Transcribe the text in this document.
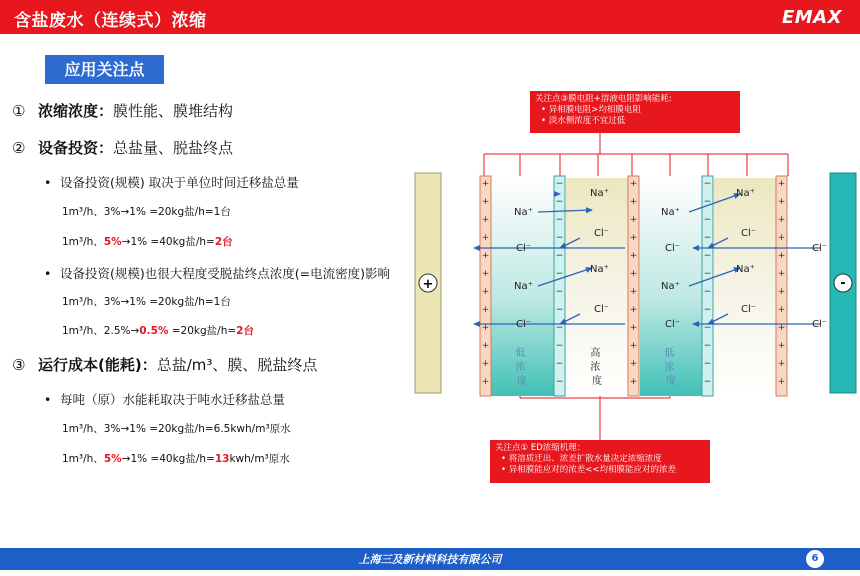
含盐废水（连续式）浓缩	EMAX
应用关注点
① 浓缩浓度：膜性能、膜堆结构
② 设备投资：总盐量、脱盐终点
• 设备投资(规模) 取决于单位时间迁移盐总量
1m³/h、3%→1% =20kg盐/h=1台
1m³/h、5%→1% =40kg盐/h=2台
• 设备投资(规模)也很大程度受脱盐终点浓度(=电流密度)影响
1m³/h、3%→1% =20kg盐/h=1台
1m³/h、2.5%→0.5% =20kg盐/h=2台
③ 运行成本(能耗)：总盐/m³、膜、脱盐终点
• 每吨（原）水能耗取决于吨水迁移盐总量
1m³/h、3%→1% =20kg盐/h=6.5kwh/m³原水
1m³/h、5%→1% =40kg盐/h=13kwh/m³原水
+	-
+
+
+
+
+
+
+
+
+
+
+
+
+
+
+
+
+
+
+
+
+
+
+
+
+
+
+
+
+
+
+
+
+
+
+
+
−
−
−
−
−
−
−
−
−
−
−
−
−
−
−
−
−
−
−
−
−
−
−
−
Na⁺
Na⁺
Na⁺
Na⁺
Na⁺
Na⁺
Na⁺
Na⁺
Cl⁻
Cl⁻
Cl⁻
Cl⁻
Cl⁻
Cl⁻
Cl⁻
Cl⁻
Cl⁻
Cl⁻
低 浓 度
高 浓 度
低 浓 度
关注点③膜电阻+溶液电阻影响能耗:
• 异相膜电阻>均相膜电阻
• 淡水侧浓度不宜过低
关注点① ED浓缩机理：
• 将溶质迁出、浓差扩散水量决定浓缩浓度
• 异相膜能应对的浓差<<均相膜能应对的浓差
上海三及新材料科技有限公司	6
